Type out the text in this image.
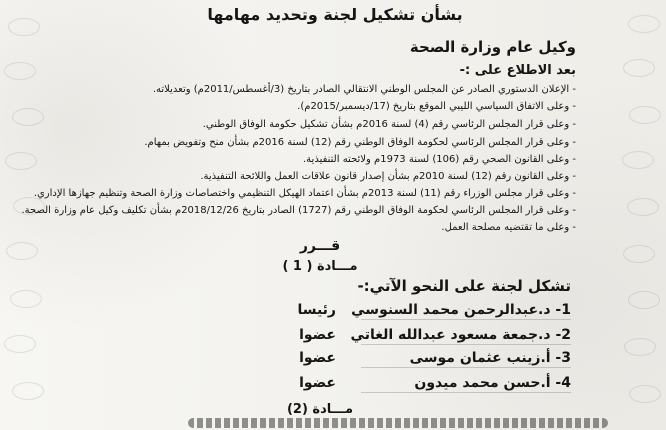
بشأن تشكيل لجنة وتحديد مهامها
وكيل عام وزارة الصحة
بعد الاطلاع على :-
- الإعلان الدستوري الصادر عن المجلس الوطني الانتقالي الصادر بتاريخ (3/أغسطس/2011م) وتعديلاته.
- وعلى الاتفاق السياسي الليبي الموقع بتاريخ (17/ديسمبر/2015م).
- وعلى قرار المجلس الرئاسي رقم (4) لسنة 2016م بشأن تشكيل حكومة الوفاق الوطني.
- وعلى قرار المجلس الرئاسي لحكومة الوفاق الوطني رقم (12) لسنة 2016م بشأن منح وتفويض بمهام.
- وعلى القانون الصحي رقم (106) لسنة 1973م ولائحته التنفيذية.
- وعلى القانون رقم (12) لسنة 2010م بشأن إصدار قانون علاقات العمل واللائحة التنفيذية.
- وعلى قرار مجلس الوزراء رقم (11) لسنة 2013م بشأن اعتماد الهيكل التنظيمي واختصاصات وزارة الصحة وتنظيم جهازها الإداري.
- وعلى قرار المجلس الرئاسي لحكومة الوفاق الوطني رقم (1727) الصادر بتاريخ 2018/12/26م بشأن تكليف وكيل عام وزارة الصحة.
- وعلى ما تقتضيه مصلحة العمل.
قـــرر
مـــادة ( 1 )
تشكل لجنة على النحو الآتي:-
1- د.عبدالرحمن محمد السنوسي
رئيسا
2- د.جمعة مسعود عبدالله الغاتي
عضوا
3- أ.زينب عثمان موسى
عضوا
4- أ.حسن محمد ميدون
عضوا
مـــادة (2)
